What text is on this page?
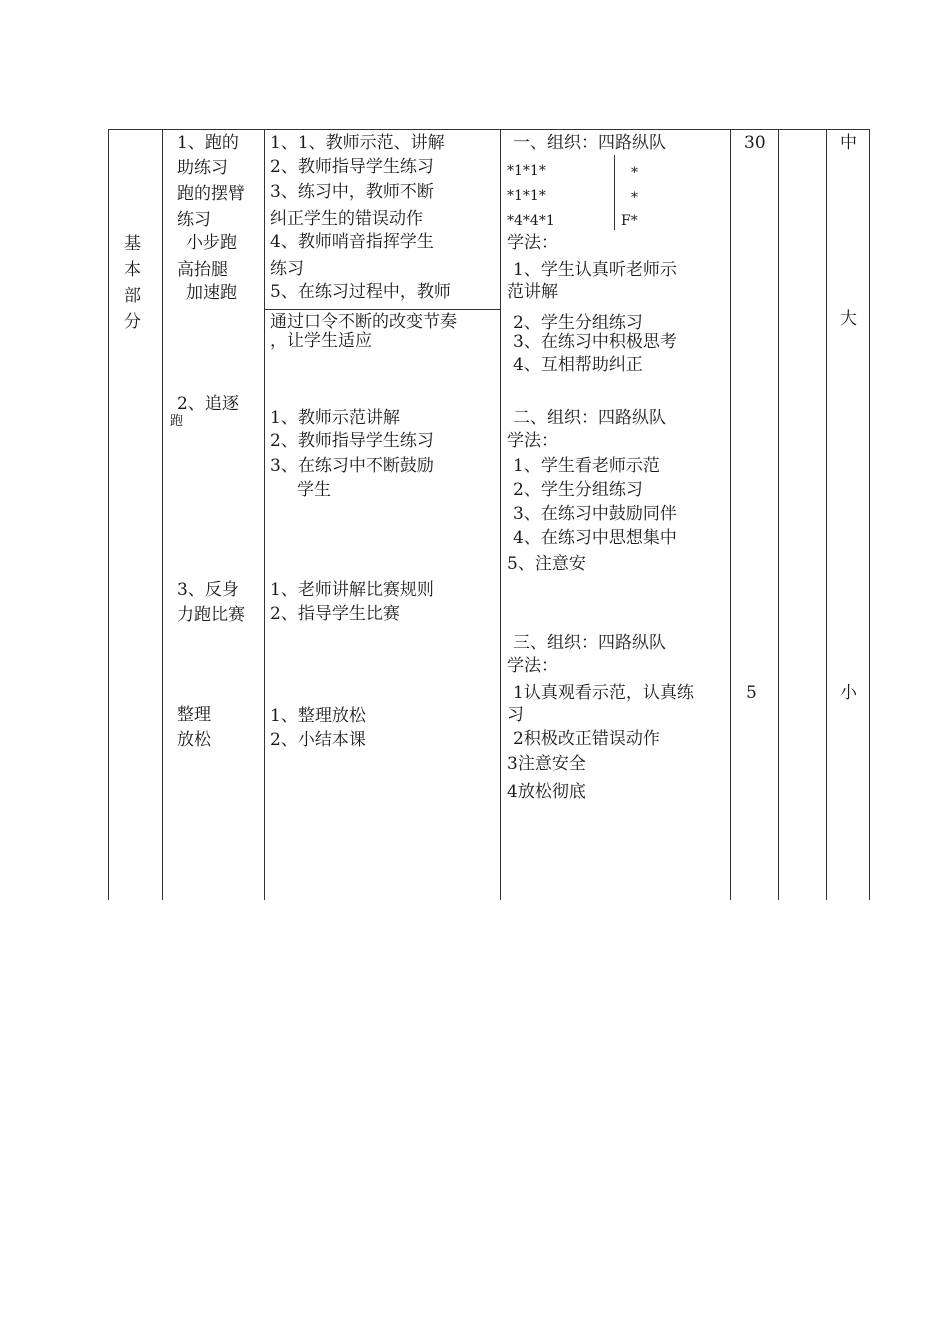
基
本
部
分
1、跑的
助练习
跑的摆臂
练习
小步跑
高抬腿
加速跑
2、追逐
跑
3、反身
力跑比赛
整理
放松
1、1、教师示范、讲解
2、教师指导学生练习
3、练习中，教师不断
纠正学生的错误动作
4、教师哨音指挥学生
练习
5、在练习过程中，教师
通过口令不断的改变节奏
，让学生适应
1、教师示范讲解
2、教师指导学生练习
3、在练习中不断鼓励
学生
1、老师讲解比赛规则
2、指导学生比赛
1、整理放松
2、小结本课
一、组织：四路纵队
*1*1*
*1*1*
*4*4*1
*
*
F*
学法：
1、学生认真听老师示
范讲解
2、学生分组练习
3、在练习中积极思考
4、互相帮助纠正
二、组织：四路纵队
学法：
1、学生看老师示范
2、学生分组练习
3、在练习中鼓励同伴
4、在练习中思想集中
5、注意安
三、组织：四路纵队
学法：
1认真观看示范，认真练
习
2积极改正错误动作
3注意安全
4放松彻底
30
5
中
大
小
